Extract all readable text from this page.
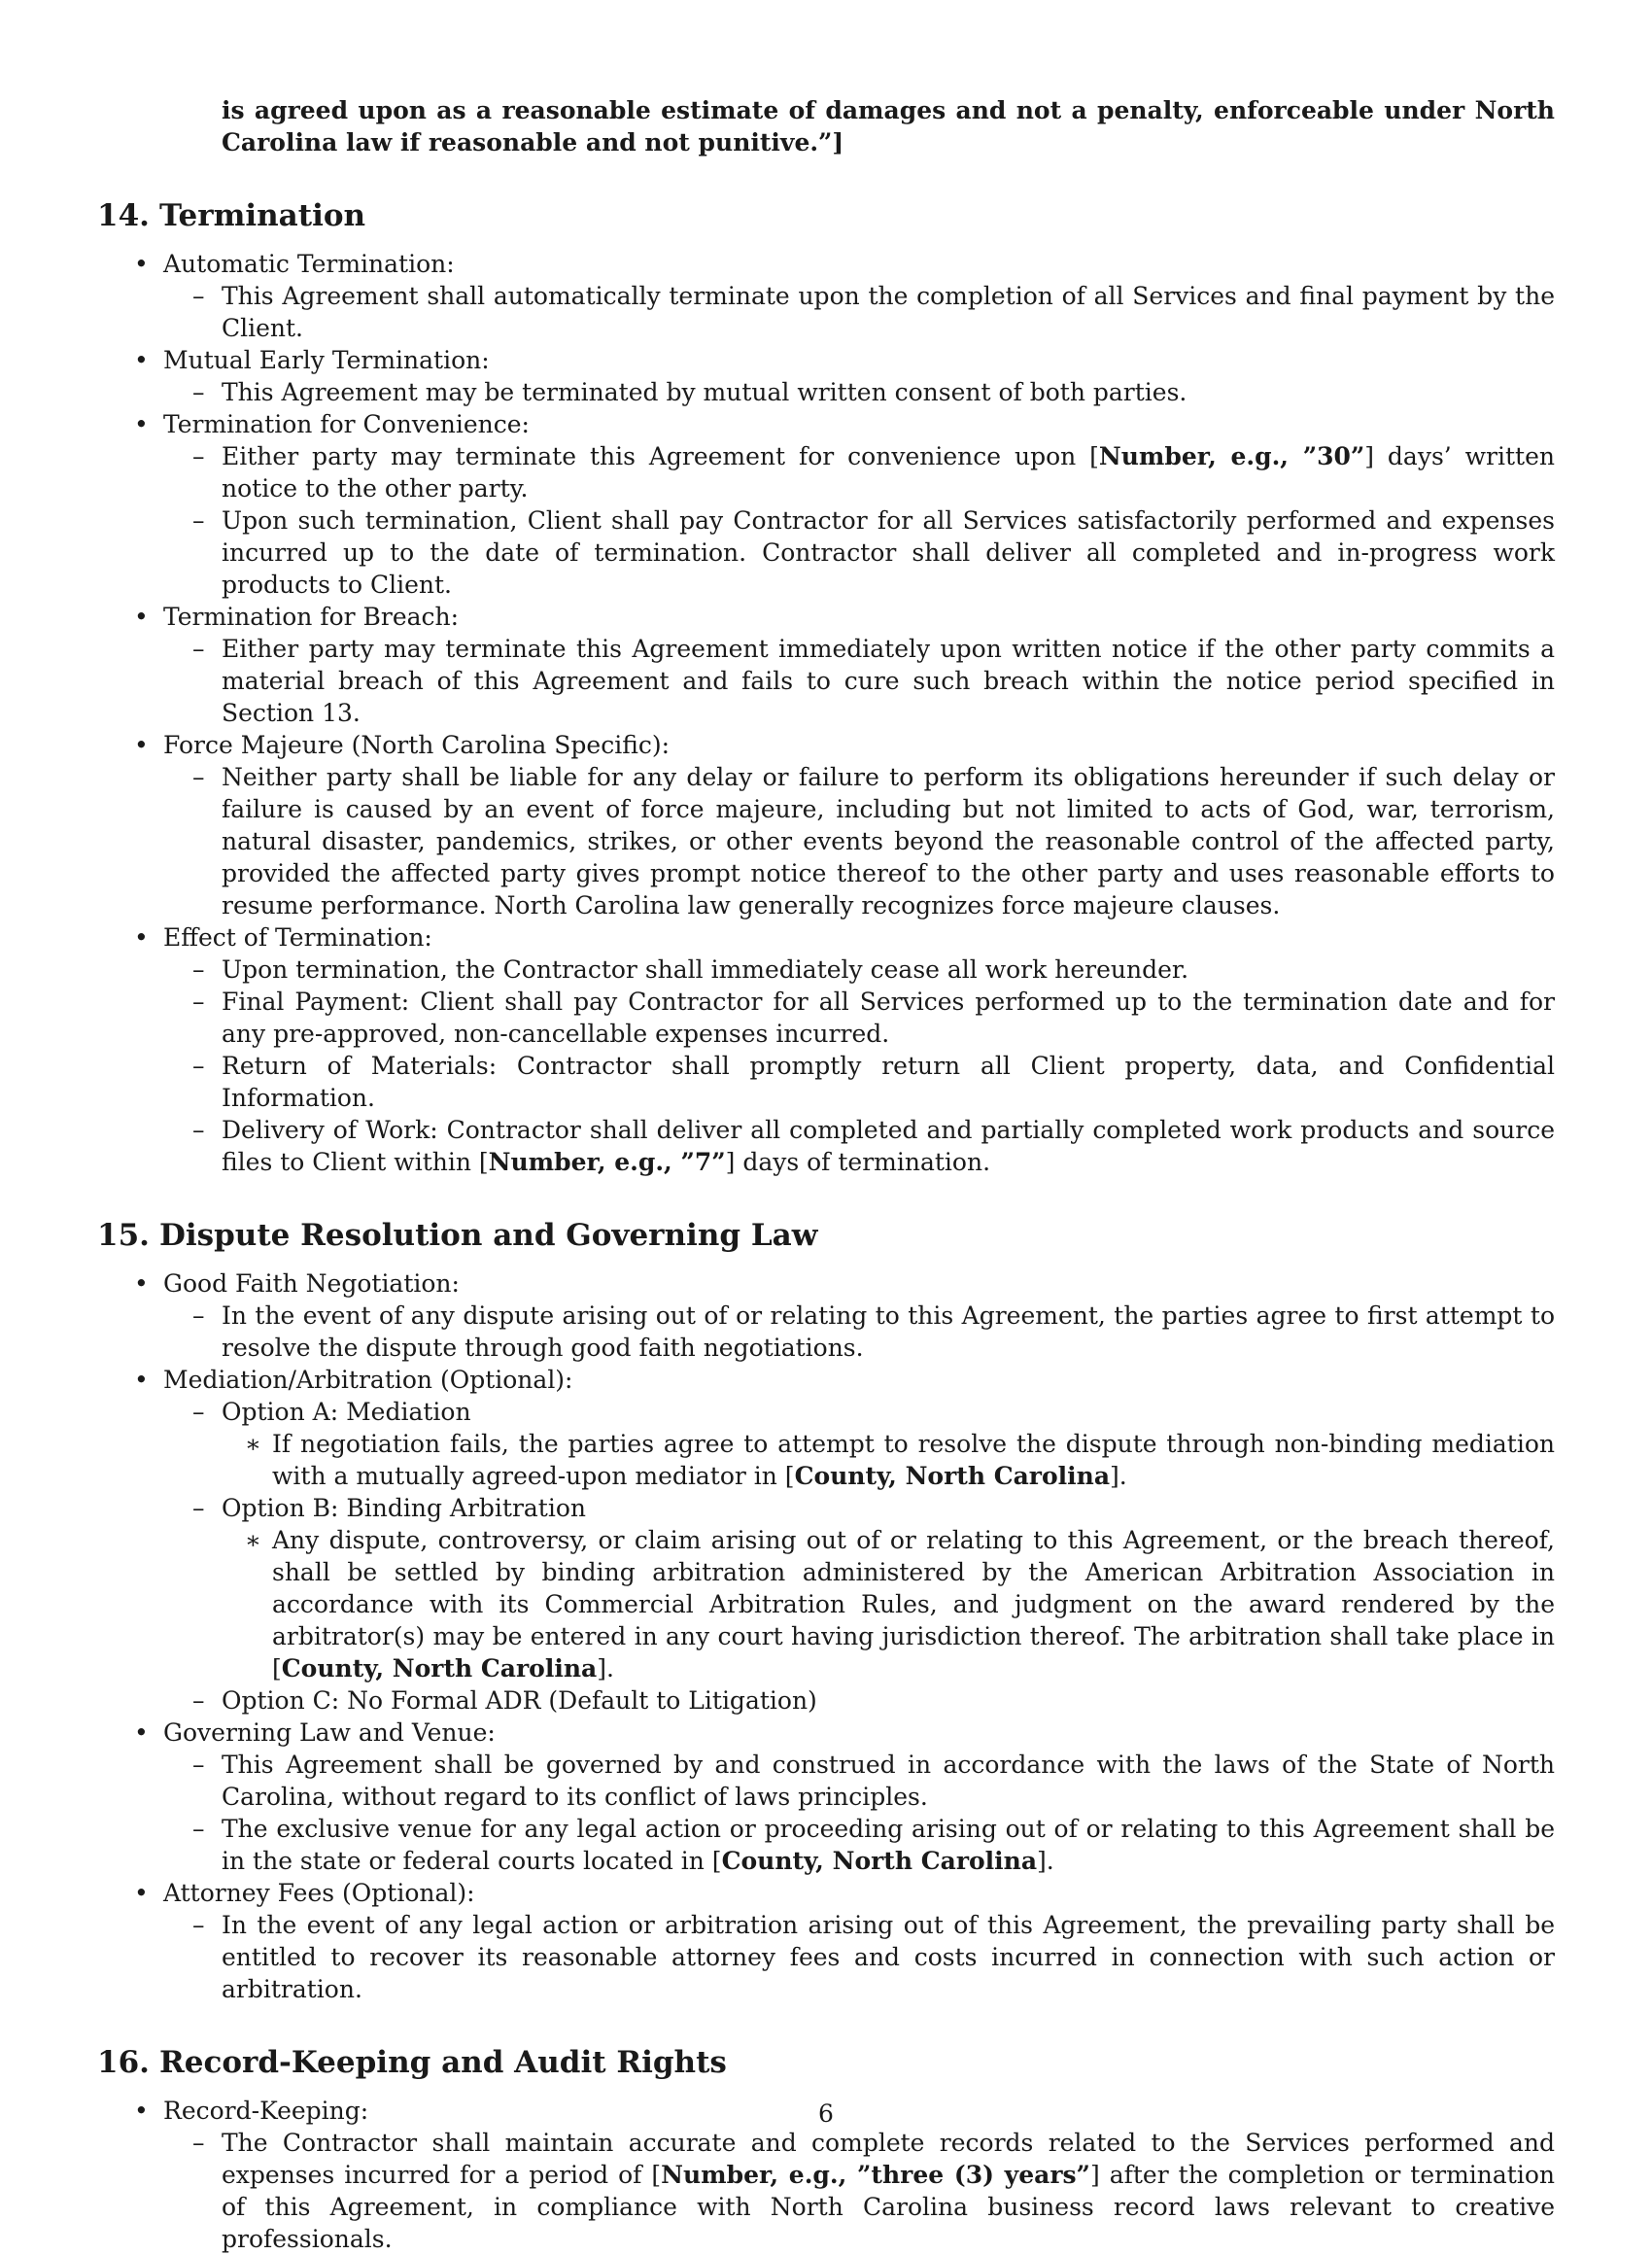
is agreed upon as a reasonable estimate of damages and not a penalty, enforceable under North Carolina law if reasonable and not punitive.”]

14. Termination
• Automatic Termination:
– This Agreement shall automatically terminate upon the completion of all Services and final payment by the Client.
• Mutual Early Termination:
– This Agreement may be terminated by mutual written consent of both parties.
• Termination for Convenience:
– Either party may terminate this Agreement for convenience upon [Number, e.g., ”30”] days’ written notice to the other party.
– Upon such termination, Client shall pay Contractor for all Services satisfactorily performed and expenses incurred up to the date of termination. Contractor shall deliver all completed and in-progress work products to Client.
• Termination for Breach:
– Either party may terminate this Agreement immediately upon written notice if the other party commits a material breach of this Agreement and fails to cure such breach within the notice period specified in Section 13.
• Force Majeure (North Carolina Specific):
– Neither party shall be liable for any delay or failure to perform its obligations hereunder if such delay or failure is caused by an event of force majeure, including but not limited to acts of God, war, terrorism, natural disaster, pandemics, strikes, or other events beyond the reasonable control of the affected party, provided the affected party gives prompt notice thereof to the other party and uses reasonable efforts to resume performance. North Carolina law generally recognizes force majeure clauses.
• Effect of Termination:
– Upon termination, the Contractor shall immediately cease all work hereunder.
– Final Payment: Client shall pay Contractor for all Services performed up to the termination date and for any pre-approved, non-cancellable expenses incurred.
– Return of Materials: Contractor shall promptly return all Client property, data, and Confidential Information.
– Delivery of Work: Contractor shall deliver all completed and partially completed work products and source files to Client within [Number, e.g., ”7”] days of termination.
15. Dispute Resolution and Governing Law
• Good Faith Negotiation:
– In the event of any dispute arising out of or relating to this Agreement, the parties agree to first attempt to resolve the dispute through good faith negotiations.
• Mediation/Arbitration (Optional):
– Option A: Mediation
∗ If negotiation fails, the parties agree to attempt to resolve the dispute through non-binding mediation with a mutually agreed-upon mediator in [County, North Carolina].
– Option B: Binding Arbitration
∗ Any dispute, controversy, or claim arising out of or relating to this Agreement, or the breach thereof, shall be settled by binding arbitration administered by the American Arbitration Association in accordance with its Commercial Arbitration Rules, and judgment on the award rendered by the arbitrator(s) may be entered in any court having jurisdiction thereof. The arbitration shall take place in [County, North Carolina].
– Option C: No Formal ADR (Default to Litigation)
• Governing Law and Venue:
– This Agreement shall be governed by and construed in accordance with the laws of the State of North Carolina, without regard to its conflict of laws principles.
– The exclusive venue for any legal action or proceeding arising out of or relating to this Agreement shall be in the state or federal courts located in [County, North Carolina].
• Attorney Fees (Optional):
– In the event of any legal action or arbitration arising out of this Agreement, the prevailing party shall be entitled to recover its reasonable attorney fees and costs incurred in connection with such action or arbitration.
16. Record-Keeping and Audit Rights
• Record-Keeping:
– The Contractor shall maintain accurate and complete records related to the Services performed and expenses incurred for a period of [Number, e.g., ”three (3) years”] after the completion or termination of this Agreement, in compliance with North Carolina business record laws relevant to creative professionals.
6
